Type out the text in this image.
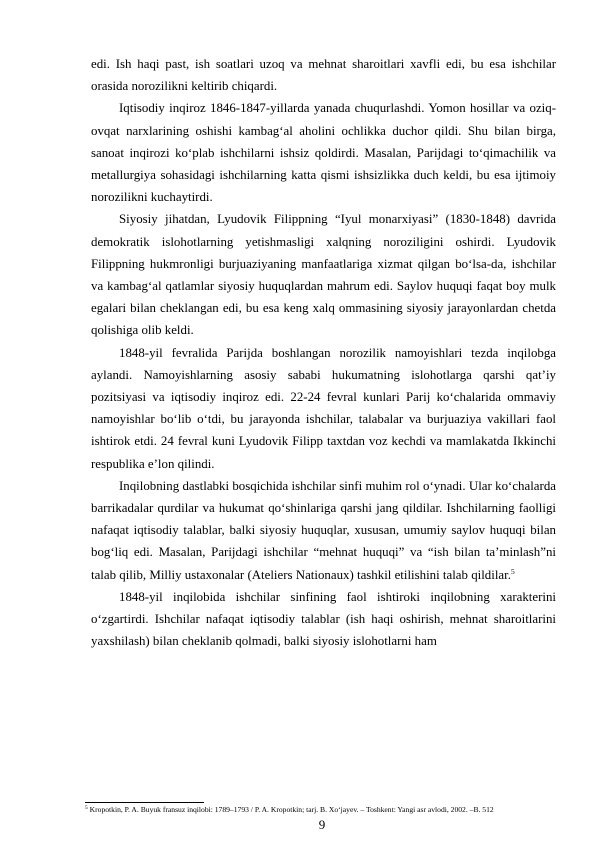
edi. Ish haqi past, ish soatlari uzoq va mehnat sharoitlari xavfli edi, bu esa ishchilar orasida norozilikni keltirib chiqardi.

Iqtisodiy inqiroz 1846-1847-yillarda yanada chuqurlashdi. Yomon hosillar va oziq-ovqat narxlarining oshishi kambag‘al aholini ochlikka duchor qildi. Shu bilan birga, sanoat inqirozi ko‘plab ishchilarni ishsiz qoldirdi. Masalan, Parijdagi to‘qimachilik va metallurgiya sohasidagi ishchilarning katta qismi ishsizlikka duch keldi, bu esa ijtimoiy norozilikni kuchaytirdi.

Siyosiy jihatdan, Lyudovik Filippning “Iyul monarxiyasi” (1830-1848) davrida demokratik islohotlarning yetishmasligi xalqning noroziligini oshirdi. Lyudovik Filippning hukmronligi burjuaziyaning manfaatlariga xizmat qilgan bo‘lsa-da, ishchilar va kambag‘al qatlamlar siyosiy huquqlardan mahrum edi. Saylov huquqi faqat boy mulk egalari bilan cheklangan edi, bu esa keng xalq ommasining siyosiy jarayonlardan chetda qolishiga olib keldi.

1848-yil fevralida Parijda boshlangan norozilik namoyishlari tezda inqilobga aylandi. Namoyishlarning asosiy sababi hukumatning islohotlarga qarshi qat’iy pozitsiyasi va iqtisodiy inqiroz edi. 22-24 fevral kunlari Parij ko‘chalarida ommaviy namoyishlar bo‘lib o‘tdi, bu jarayonda ishchilar, talabalar va burjuaziya vakillari faol ishtirok etdi. 24 fevral kuni Lyudovik Filipp taxtdan voz kechdi va mamlakatda Ikkinchi respublika e’lon qilindi.

Inqilobning dastlabki bosqichida ishchilar sinfi muhim rol o‘ynadi. Ular ko‘chalarda barrikadalar qurdilar va hukumat qo‘shinlariga qarshi jang qildilar. Ishchilarning faolligi nafaqat iqtisodiy talablar, balki siyosiy huquqlar, xususan, umumiy saylov huquqi bilan bog‘liq edi. Masalan, Parijdagi ishchilar “mehnat huquqi” va “ish bilan ta’minlash”ni talab qilib, Milliy ustaxonalar (Ateliers Nationaux) tashkil etilishini talab qildilar.$^5$

1848-yil inqilobida ishchilar sinfining faol ishtiroki inqilobning xarakterini o‘zgartirdi. Ishchilar nafaqat iqtisodiy talablar (ish haqi oshirish, mehnat sharoitlarini yaxshilash) bilan cheklanib qolmadi, balki siyosiy islohotlarni ham

$^5$ Kropotkin, P. A. Buyuk fransuz inqilobi: 1789–1793 / P. A. Kropotkin; tarj. B. Xo‘jayev. – Toshkent: Yangi asr avlodi, 2002. –B. 512
9
